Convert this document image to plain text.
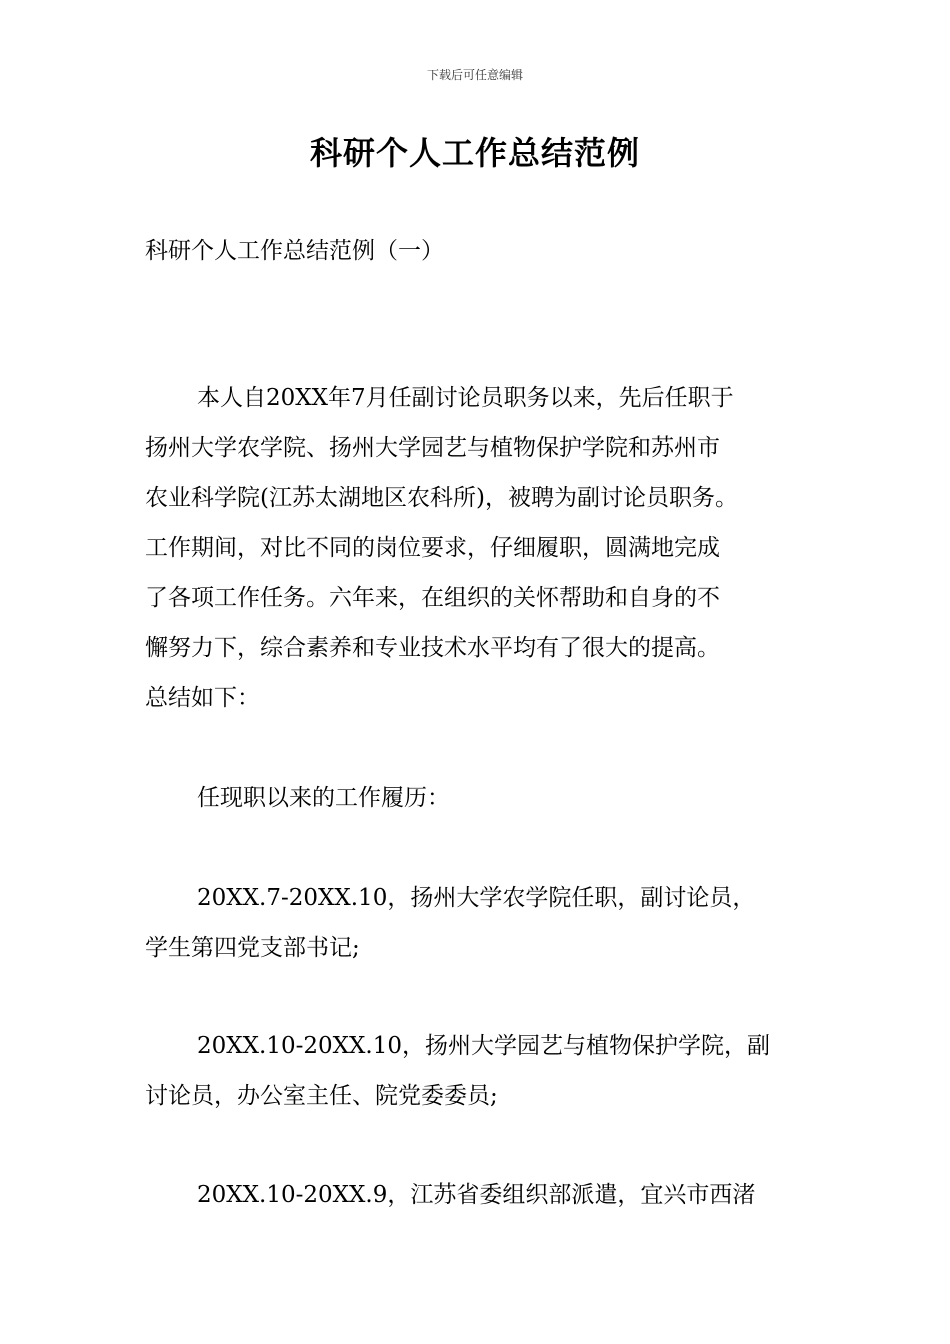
下载后可任意编辑
科研个人工作总结范例
科研个人工作总结范例（一）
本人自20XX年7月任副讨论员职务以来，先后任职于
扬州大学农学院、扬州大学园艺与植物保护学院和苏州市
农业科学院(江苏太湖地区农科所)，被聘为副讨论员职务。
工作期间，对比不同的岗位要求，仔细履职，圆满地完成
了各项工作任务。六年来，在组织的关怀帮助和自身的不
懈努力下，综合素养和专业技术水平均有了很大的提高。
总结如下：
任现职以来的工作履历：
20XX.7-20XX.10，扬州大学农学院任职，副讨论员，
学生第四党支部书记;
20XX.10-20XX.10，扬州大学园艺与植物保护学院，副
讨论员，办公室主任、院党委委员;
20XX.10-20XX.9，江苏省委组织部派遣，宜兴市西渚
